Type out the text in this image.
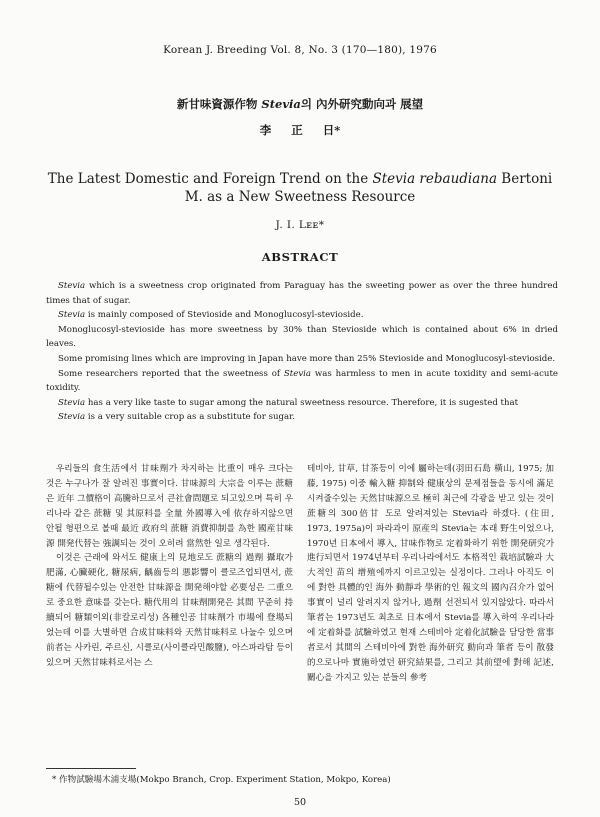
Korean J. Breeding Vol. 8, No. 3 (170—180), 1976
新甘味資源作物 Stevia의 內外研究動向과 展望
李 正 日*
The Latest Domestic and Foreign Trend on the Stevia rebaudiana Bertoni
M. as a New Sweetness Resource
J. I. Lᴇᴇ*
ABSTRACT

Stevia which is a sweetness crop originated from Paraguay has the sweeting power as over the three hundred times that of sugar.

Stevia is mainly composed of Stevioside and Monoglucosyl-stevioside.

Monoglucosyl-stevioside has more sweetness by 30% than Stevioside which is contained about 6% in dried leaves.

Some promising lines which are improving in Japan have more than 25% Stevioside and Monoglucosyl-stevioside.

Some researchers reported that the sweetness of Stevia was harmless to men in acute toxidity and semi-acute toxidity.

Stevia has a very like taste to sugar among the natural sweetness resource. Therefore, it is sugested that

Stevia is a very suitable crop as a substitute for sugar.

우리들의 食生活에서 甘味劑가 차지하는 比重이 매우 크다는 것은 누구나가 잘 알려진 事實이다. 甘味源의 大宗을 이루는 蔗糖은 近年 그價格이 高騰하므로서 큰社會問題로 되고있으며 특히 우리나라 같은 蔗糖 및 其原料를 全量 外國導入에 依存하지않으면 안될 형편으로 볼때 最近 政府의 蔗糖 消費抑制를 為한 國産甘味源 開発代替는 強調되는 것이 오히려 當然한 일로 생각된다.

이것은 근래에 와서도 健康上의 見地로도 蔗糖의 過劑 攝取가 肥滿, 心臟硬化, 糖尿病, 齲齒등의 悪影響이 클로즈업되면서, 蔗糖에 代替될수있는 안전한 甘味源을 開発해야할 必要성은 二重으로 중요한 意味를 갖는다. 糖代用의 甘味劑開発은 其間 꾸준히 持續되어 糖類이외(非칼로리성) 各種인공 甘味劑가 市場에 登場되었는데 이를 大별하면 合成甘味料와 天然甘味料로 나눌수 있으며 前者는 사카린, 주르신, 시클로(사이클라민酸鹽), 아스파라탐 등이있으며 天然甘味料로서는 스

테비아, 甘草, 甘茶등이 이에 屬하는데(羽田石島 橫山, 1975; 加藤, 1975) 이중 輸入糖 抑制와 健康상의 문제점들을 동시에 滿足시켜줄수있는 天然甘味源으로 極히 최근에 각광을 받고 있는 것이 蔗糖의 300倍甘 도로 알려져있는 Stevia라 하겠다. (住田, 1973, 1975a)이 파라과이 原産의 Stevia는 本래 野生이었으나, 1970년 日本에서 導入, 甘味作物로 定着화하기 위한 開発研究가 進行되면서 1974년부터 우리나라에서도 本格적인 栽培試驗과 大大적인 苗의 增殖에까지 이르고있는 실정이다. 그러나 아직도 이에 對한 具體的인 海外 動靜과 學術的인 報文의 國內召介가 없어 事實이 널리 알려지지 않거나, 過劑 선전되서 있지않았다. 따라서 筆者는 1973년도 최초로 日本에서 Stevia를 導入하여 우리나라에 定着화를 試驗하였고 현재 스테비아 定着化試驗을 담당한 當事者로서 其間의 스테비아에 對한 海外研究 動向과 筆者 등이 散發的으로나마 實施하였던 研究結果를, 그리고 其前望에 對해 記述, 關心을 가지고 있는 분들의 參考

* 作物試驗場木浦支場(Mokpo Branch, Crop. Experiment Station, Mokpo, Korea)
50
